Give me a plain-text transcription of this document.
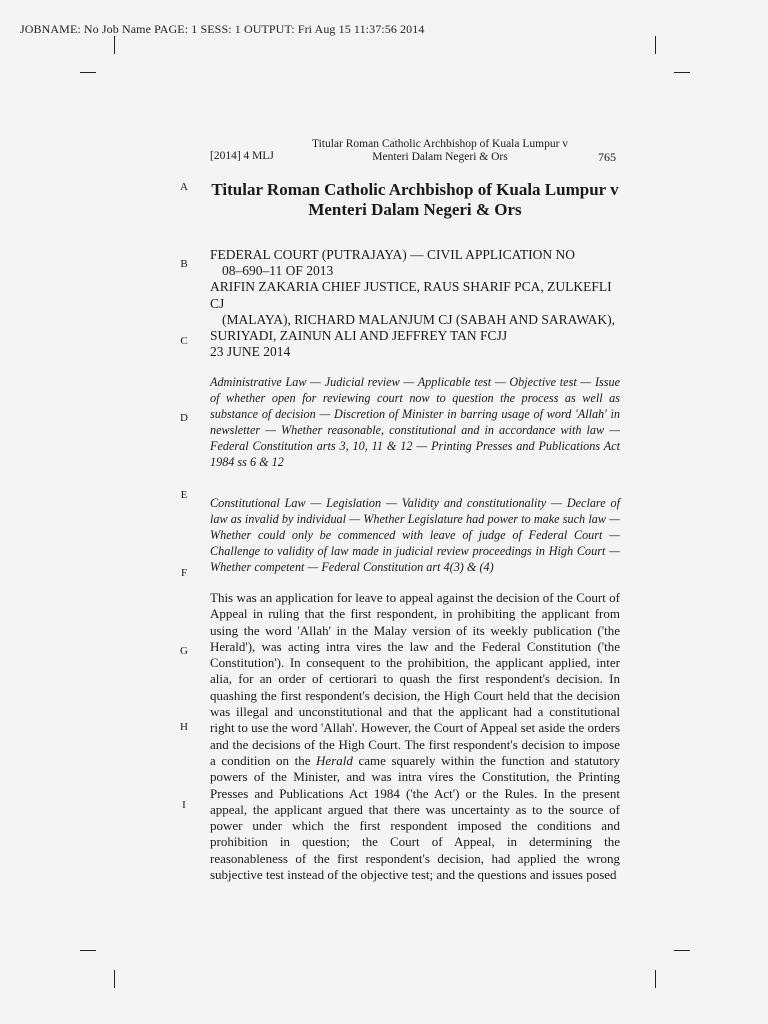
JOBNAME: No Job Name PAGE: 1 SESS: 1 OUTPUT: Fri Aug 15 11:37:56 2014
[2014] 4 MLJ
Titular Roman Catholic Archbishop of Kuala Lumpur v
Menteri Dalam Negeri & Ors	765
A
B
C
D
E
F
G
H
I
Titular Roman Catholic Archbishop of Kuala Lumpur v
Menteri Dalam Negeri & Ors
FEDERAL COURT (PUTRAJAYA) — CIVIL APPLICATION NO
08–690–11 OF 2013
ARIFIN ZAKARIA CHIEF JUSTICE, RAUS SHARIF PCA, ZULKEFLI CJ
(MALAYA), RICHARD MALANJUM CJ (SABAH AND SARAWAK),
SURIYADI, ZAINUN ALI AND JEFFREY TAN FCJJ
23 JUNE 2014
Administrative Law — Judicial review — Applicable test — Objective test — Issue of whether open for reviewing court now to question the process as well as substance of decision — Discretion of Minister in barring usage of word 'Allah' in newsletter — Whether reasonable, constitutional and in accordance with law — Federal Constitution arts 3, 10, 11 & 12 — Printing Presses and Publications Act 1984 ss 6 & 12
Constitutional Law — Legislation — Validity and constitutionality — Declare of law as invalid by individual — Whether Legislature had power to make such law — Whether could only be commenced with leave of judge of Federal Court — Challenge to validity of law made in judicial review proceedings in High Court — Whether competent — Federal Constitution art 4(3) & (4)
This was an application for leave to appeal against the decision of the Court of Appeal in ruling that the first respondent, in prohibiting the applicant from using the word 'Allah' in the Malay version of its weekly publication ('the Herald'), was acting intra vires the law and the Federal Constitution ('the Constitution'). In consequent to the prohibition, the applicant applied, inter alia, for an order of certiorari to quash the first respondent's decision. In quashing the first respondent's decision, the High Court held that the decision was illegal and unconstitutional and that the applicant had a constitutional right to use the word 'Allah'. However, the Court of Appeal set aside the orders and the decisions of the High Court. The first respondent's decision to impose a condition on the Herald came squarely within the function and statutory powers of the Minister, and was intra vires the Constitution, the Printing Presses and Publications Act 1984 ('the Act') or the Rules. In the present appeal, the applicant argued that there was uncertainty as to the source of power under which the first respondent imposed the conditions and prohibition in question; the Court of Appeal, in determining the reasonableness of the first respondent's decision, had applied the wrong subjective test instead of the objective test; and the questions and issues posed
